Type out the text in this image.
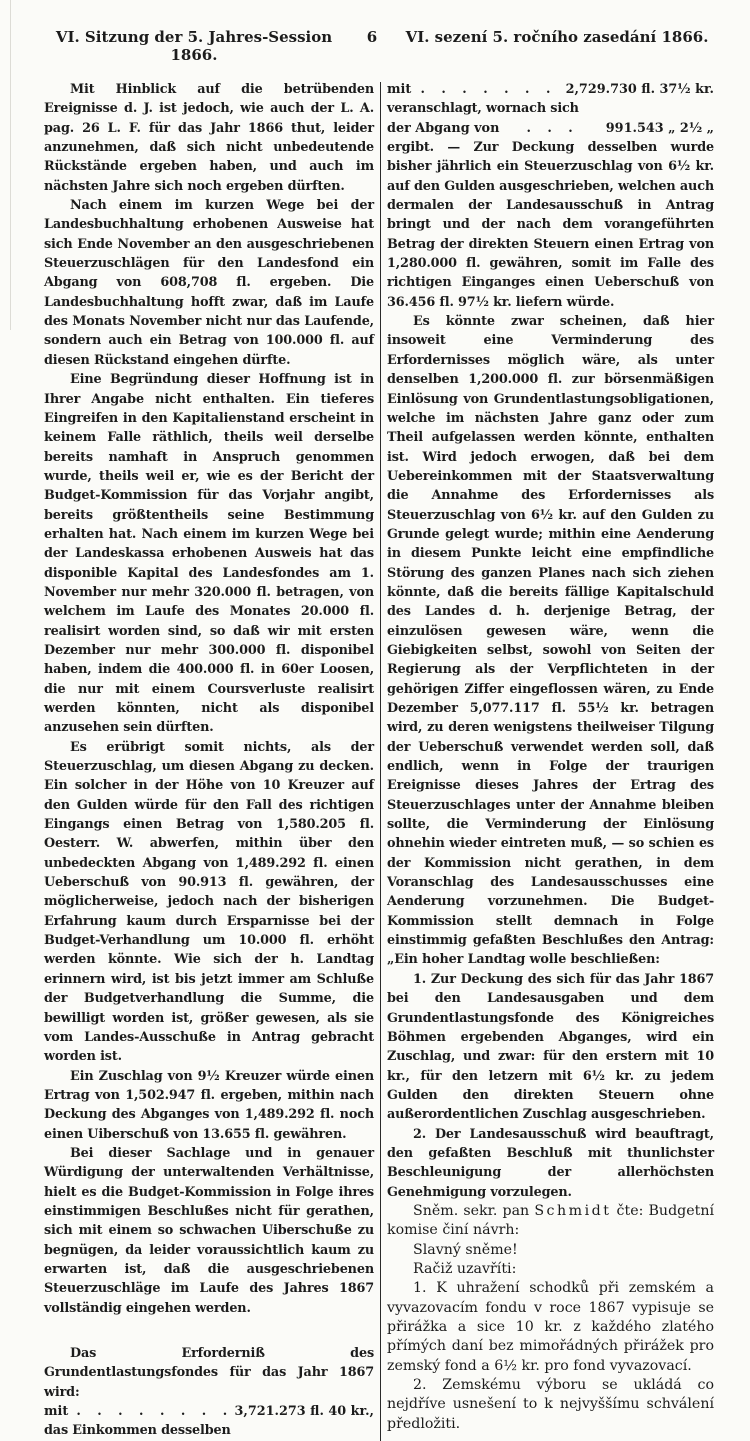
VI. Sitzung der 5. Jahres-Session 1866.
6	VI. sezení 5. ročního zasedání 1866.

Mit Hinblick auf die betrübenden Ereignisse d. J. ist jedoch, wie auch der L. A. pag. 26 L. F. für das Jahr 1866 thut, leider anzunehmen, daß sich nicht unbedeutende Rückstände ergeben haben, und auch im nächsten Jahre sich noch ergeben dürften.

Nach einem im kurzen Wege bei der Landesbuchhaltung erhobenen Ausweise hat sich Ende November an den ausgeschriebenen Steuerzuschlägen für den Landesfond ein Abgang von 608,708 fl. ergeben. Die Landesbuchhaltung hofft zwar, daß im Laufe des Monats November nicht nur das Laufende, sondern auch ein Betrag von 100.000 fl. auf diesen Rückstand eingehen dürfte.

Eine Begründung dieser Hoffnung ist in Ihrer Angabe nicht enthalten. Ein tieferes Eingreifen in den Kapitalienstand erscheint in keinem Falle räthlich, theils weil derselbe bereits namhaft in Anspruch genommen wurde, theils weil er, wie es der Bericht der Budget-Kommission für das Vorjahr angibt, bereits größtentheils seine Bestimmung erhalten hat. Nach einem im kurzen Wege bei der Landeskassa erhobenen Ausweis hat das disponible Kapital des Landesfondes am 1. November nur mehr 320.000 fl. betragen, von welchem im Laufe des Monates 20.000 fl. realisirt worden sind, so daß wir mit ersten Dezember nur mehr 300.000 fl. disponibel haben, indem die 400.000 fl. in 60er Loosen, die nur mit einem Coursverluste realisirt werden könnten, nicht als disponibel anzusehen sein dürften.

Es erübrigt somit nichts, als der Steuerzuschlag, um diesen Abgang zu decken. Ein solcher in der Höhe von 10 Kreuzer auf den Gulden würde für den Fall des richtigen Eingangs einen Betrag von 1,580.205 fl. Oesterr. W. abwerfen, mithin über den unbedeckten Abgang von 1,489.292 fl. einen Ueberschuß von 90.913 fl. gewähren, der möglicherweise, jedoch nach der bisherigen Erfahrung kaum durch Ersparnisse bei der Budget-Verhandlung um 10.000 fl. erhöht werden könnte. Wie sich der h. Landtag erinnern wird, ist bis jetzt immer am Schluße der Budgetverhandlung die Summe, die bewilligt worden ist, größer gewesen, als sie vom Landes-Ausschuße in Antrag gebracht worden ist.

Ein Zuschlag von 9½ Kreuzer würde einen Ertrag von 1,502.947 fl. ergeben, mithin nach Deckung des Abganges von 1,489.292 fl. noch einen Uiberschuß von 13.655 fl. gewähren.

Bei dieser Sachlage und in genauer Würdigung der unterwaltenden Verhältnisse, hielt es die Budget-Kommission in Folge ihres einstimmigen Beschlußes nicht für gerathen, sich mit einem so schwachen Uiberschuße zu begnügen, da leider voraussichtlich kaum zu erwarten ist, daß die ausgeschriebenen Steuerzuschläge im Laufe des Jahres 1867 vollständig eingehen werden.

Das Erforderniß des Grundentlastungsfondes für das Jahr 1867 wird:

mit . . . . . . . . 3,721.273 fl. 40 kr.,

das Einkommen desselben

mit . . . . . . . 2,729.730 fl. 37½ kr.

veranschlagt, wornach sich

der Abgang von	. . .	991.543 „ 2½ „

ergibt. — Zur Deckung desselben wurde bisher jährlich ein Steuerzuschlag von 6½ kr. auf den Gulden ausgeschrieben, welchen auch dermalen der Landesausschuß in Antrag bringt und der nach dem vorangeführten Betrag der direkten Steuern einen Ertrag von 1,280.000 fl. gewähren, somit im Falle des richtigen Einganges einen Ueberschuß von 36.456 fl. 97½ kr. liefern würde.

Es könnte zwar scheinen, daß hier insoweit eine Verminderung des Erfordernisses möglich wäre, als unter denselben 1,200.000 fl. zur börsenmäßigen Einlösung von Grundentlastungsobligationen, welche im nächsten Jahre ganz oder zum Theil aufgelassen werden könnte, enthalten ist. Wird jedoch erwogen, daß bei dem Uebereinkommen mit der Staatsverwaltung die Annahme des Erfordernisses als Steuerzuschlag von 6½ kr. auf den Gulden zu Grunde gelegt wurde; mithin eine Aenderung in diesem Punkte leicht eine empfindliche Störung des ganzen Planes nach sich ziehen könnte, daß die bereits fällige Kapitalschuld des Landes d. h. derjenige Betrag, der einzulösen gewesen wäre, wenn die Giebigkeiten selbst, sowohl von Seiten der Regierung als der Verpflichteten in der gehörigen Ziffer eingeflossen wären, zu Ende Dezember 5,077.117 fl. 55½ kr. betragen wird, zu deren wenigstens theilweiser Tilgung der Ueberschuß verwendet werden soll, daß endlich, wenn in Folge der traurigen Ereignisse dieses Jahres der Ertrag des Steuerzuschlages unter der Annahme bleiben sollte, die Verminderung der Einlösung ohnehin wieder eintreten muß, — so schien es der Kommission nicht gerathen, in dem Voranschlag des Landesausschusses eine Aenderung vorzunehmen. Die Budget-Kommission stellt demnach in Folge einstimmig gefaßten Beschlußes den Antrag: „Ein hoher Landtag wolle beschließen:

1. Zur Deckung des sich für das Jahr 1867 bei den Landesausgaben und dem Grundentlastungsfonde des Königreiches Böhmen ergebenden Abganges, wird ein Zuschlag, und zwar: für den erstern mit 10 kr., für den letzern mit 6½ kr. zu jedem Gulden den direkten Steuern ohne außerordentlichen Zuschlag ausgeschrieben.

2. Der Landesausschuß wird beauftragt, den gefaßten Beschluß mit thunlichster Beschleunigung der allerhöchsten Genehmigung vorzulegen.

Sněm. sekr. pan Schmidt čte: Budgetní komise činí návrh:

Slavný sněme!

Račiž uzavříti:

1. K uhražení schodků při zemském a vyvazovacím fondu v roce 1867 vypisuje se přirážka a sice 10 kr. z každého zlatého přímých daní bez mimořádných přirážek pro zemský fond a 6½ kr. pro fond vyvazovací.

2. Zemskému výboru se ukládá co nejdříve usnešení to k nejvyššímu schválení předložiti.
